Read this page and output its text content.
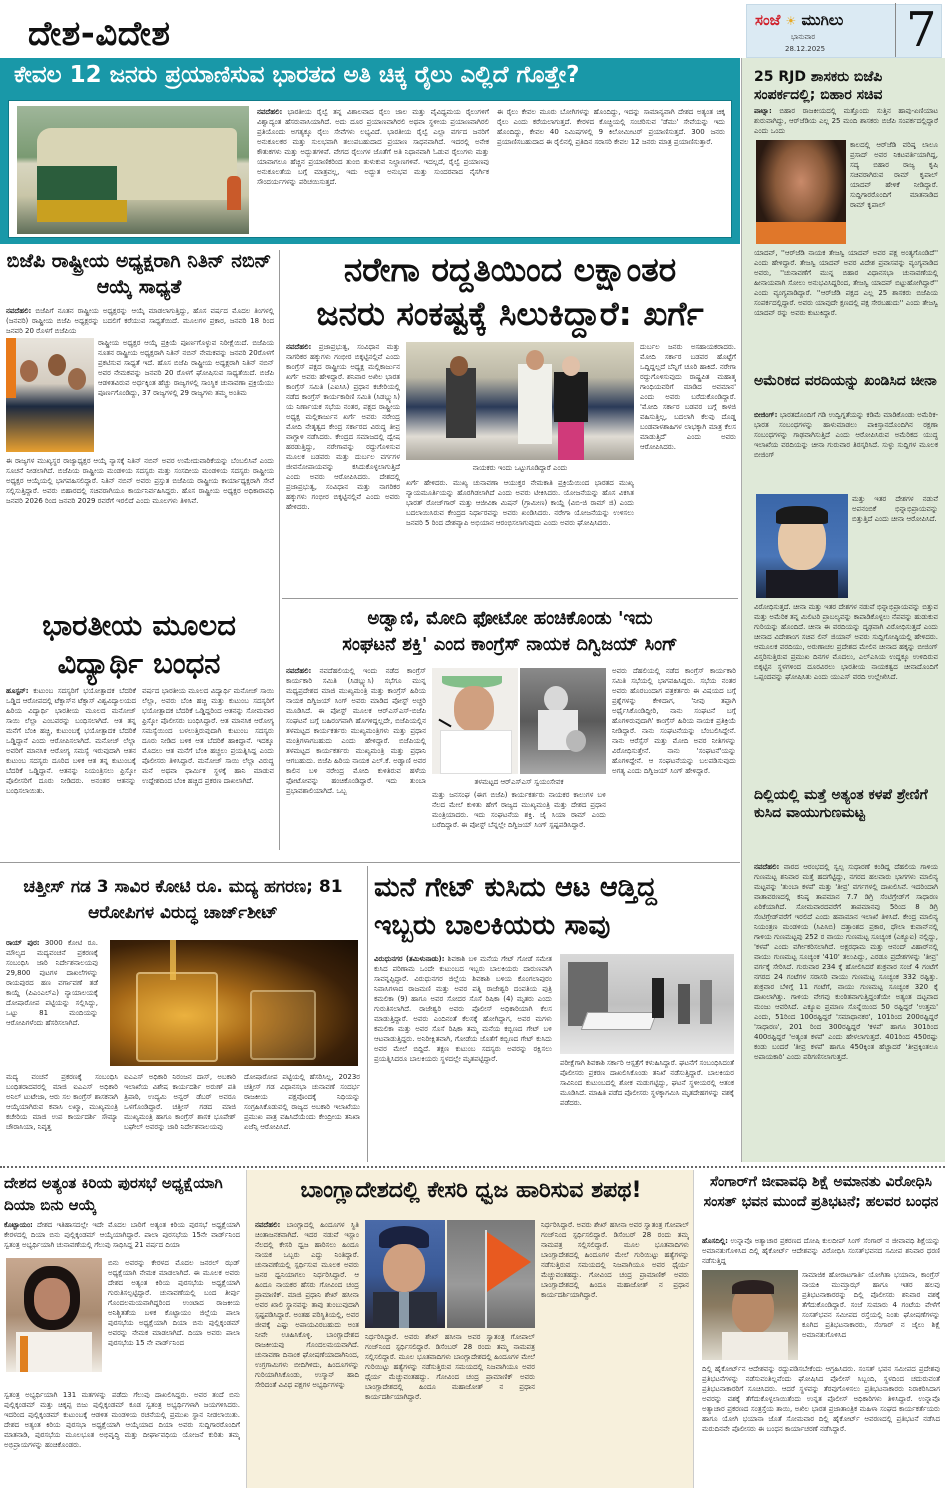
ದೇಶ-ವಿದೇಶ	ಸಂಜೆ ☀ ಮುಗಿಲು
ಭಾನುವಾರ
28.12.2025 7
ಕೇವಲ 12 ಜನರು ಪ್ರಯಾಣಿಸುವ ಭಾರತದ ಅತಿ ಚಿಕ್ಕ ರೈಲು ಎಲ್ಲಿದೆ ಗೊತ್ತೇ?
ನವದೆಹಲಿ: ಭಾರತೀಯ ರೈಲ್ವೆ ತನ್ನ ವಿಶಾಲವಾದ ರೈಲು ಜಾಲ ಮತ್ತು ವೈವಿಧ್ಯಮಯ ರೈಲುಗಳಿಗೆ ವಿಶ್ವಾದ್ಯಂತ ಹೆಸರುವಾಸಿಯಾಗಿದೆ. ಅದು ದೂರ ಪ್ರಯಾಣವಾಗಿರಲಿ ಅಥವಾ ಸ್ಥಳೀಯ ಪ್ರಯಾಣವಾಗಿರಲಿ ಪ್ರತಿಯೊಂದು ಅಗತ್ಯಕ್ಕೂ ರೈಲು ಸೇವೆಗಳು ಲಭ್ಯವಿದೆ. ಭಾರತೀಯ ರೈಲ್ವೆ ಎಲ್ಲಾ ವರ್ಗದ ಜನರಿಗೆ ಅನುಕೂಲಕರ ಮತ್ತು ಸುಲಭವಾಗಿ ತಲುಪಬಹುದಾದ ಪ್ರಯಾಣ ಸಾಧನವಾಗಿದೆ. ಇದರಲ್ಲಿ ಅನೇಕ ಕೌತುಕಗಳು ಮತ್ತು ಅದ್ಭುತಗಳಿವೆ. ವೇಗದ ರೈಲುಗಳ ಜೊತೆಗೆ ಅತಿ ನಿಧಾನವಾಗಿ ಓಡುವ ರೈಲುಗಳು ಮತ್ತು ಯಾವಾಗಲೂ ಹೆಚ್ಚಿನ ಪ್ರಯಾಣಿಕರಿಂದ ತುಂಬಿ ತುಳುಕುವ ನಿಲ್ದಾಣಗಳಿವೆ. ಇದಲ್ಲದೆ, ರೈಲ್ವೆ ಪ್ರಯಾಣವು ಅನುಕೂಲತೆಯ ಬಗ್ಗೆ ಮಾತ್ರವಲ್ಲ, ಇದು ಅದ್ಭುತ ಅನುಭವ ಮತ್ತು ಸುಂದರವಾದ ನೈಸರ್ಗಿಕ ಸೌಂದರ್ಯಗಳನ್ನು ಪರಿಚಯಿಸುತ್ತದೆ.
ಈ ರೈಲು ಕೇವಲ ಮೂರು ಬೋಗಿಗಳನ್ನು ಹೊಂದಿದ್ದು, ಇದನ್ನು ಸಾಮಾನ್ಯವಾಗಿ ದೇಶದ ಅತ್ಯಂತ ಚಿಕ್ಕ ರೈಲು ಎಂದು ಕರೆಯಲಾಗುತ್ತದೆ. ಕೇರಳದ ಕೊಚ್ಚಿಯಲ್ಲಿ ಸಂಚರಿಸುವ 'ಡೆಮು' ಸೇವೆಯನ್ನು ಇದು ಹೊಂದಿದ್ದು, ಕೇವಲ 40 ನಿಮಿಷಗಳಲ್ಲಿ 9 ಕಿಲೋಮೀಟರ್ ಪ್ರಯಾಣಿಸುತ್ತದೆ. 300 ಜನರು ಪ್ರಯಾಣಿಸಬಹುದಾದ ಈ ರೈಲಿನಲ್ಲಿ ಪ್ರತಿದಿನ ಸರಾಸರಿ ಕೇವಲ 12 ಜನರು ಮಾತ್ರ ಪ್ರಯಾಣಿಸುತ್ತಾರೆ.
25 RJD ಶಾಸಕರು ಬಿಜೆಪಿ ಸಂಪರ್ಕದಲ್ಲಿ; ಬಿಹಾರ ಸಚಿವ
ಪಾಟ್ನಾ: ಬಿಹಾರ ರಾಜಕೀಯದಲ್ಲಿ ಮತ್ತೊಂದು ಸುತ್ತಿನ ಹಾವು-ಏಣಿಯಾಟ ಶುರುವಾಗಿದ್ದು, ಆರ್‌ಜೆಡಿಯ ಎಲ್ಲ 25 ಮಂದಿ ಶಾಸಕರು ಬಿಜೆಪಿ ಸಂಪರ್ಕದಲ್ಲಿದ್ದಾರೆ ಎಂದು ಒಂದು
ಕಾಲದಲ್ಲಿ ಆರ್‌ಜೆಡಿ ವರಿಷ್ಠ ಲಾಲೂ ಪ್ರಸಾದ್ ಅವರ ನಿಕಟವರ್ತಿಯಾಗಿದ್ದ, ಸದ್ಯ ಬಿಹಾರ ರಾಜ್ಯ ಕೃಷಿ ಸಚಿವರಾಗಿರುವ ರಾಮ್ ಕೃಪಾಲ್ ಯಾದವ್ ಹೇಳಿಕೆ ನೀಡಿದ್ದಾರೆ. ಸುದ್ದಿಗಾರರೊಂದಿಗೆ ಮಾತನಾಡಿದ ರಾಮ್ ಕೃಪಾಲ್
ಯಾದವ್, ''ಆರ್‌ಜೆಡಿ ನಾಯಕ ತೇಜಸ್ವಿ ಯಾದವ್ ಅವರ ಪಕ್ಷ ಅಂತ್ಯಗೊಂಡಿದೆ'' ಎಂದು ಹೇಳಿದ್ದಾರೆ. ತೇಜಸ್ವಿ ಯಾದವ್ ಅವರ ವಿದೇಶ ಪ್ರವಾಸವನ್ನು ವ್ಯಂಗ್ಯವಾಡಿದ ಅವರು, ''ಚುನಾವಣೆಗೆ ಮುನ್ನ ಬಿಹಾರ ವಿಧಾನಸಭಾ ಚುನಾವಣೆಯಲ್ಲಿ ಹೀನಾಯವಾಗಿ ಸೋಲು ಅನುಭವಿಸಿದ್ದರಿಂದ, ತೇಜಸ್ವಿ ಯಾದವ್ ಬಿಟ್ಟುಹೋಗಿದ್ದಾರೆ'' ಎಂದು ವ್ಯಂಗ್ಯವಾಡಿದ್ದಾರೆ. ''ಆರ್‌ಜೆಡಿ ಪಕ್ಷದ ಎಲ್ಲ 25 ಶಾಸಕರು ಬಿಜೆಪಿಯ ಸಂಪರ್ಕದಲ್ಲಿದ್ದಾರೆ. ಅವರು ಯಾವುದೇ ಕ್ಷಣದಲ್ಲಿ ಪಕ್ಷ ಸೇರಬಹುದು'' ಎಂದು ತೇಜಸ್ವಿ ಯಾದವ್ ರನ್ನು ಅವರು ಕುಟುಕಿದ್ದಾರೆ.
ಅಮೆರಿಕದ ವರದಿಯನ್ನು ಖಂಡಿಸಿದ ಚೀನಾ
ಬೀಜಿಂಗ್: ಭಾರತದೊಂದಿಗೆ ಗಡಿ ಉದ್ವಿಗ್ನತೆಯನ್ನು ಕಡಿಮೆ ಮಾಡಿಕೊಂಡು ಅಮೆರಿಕ-ಭಾರತ ಸಂಬಂಧಗಳನ್ನು ಹಾಳುಮಾಡಲು ಪಾಕಿಸ್ತಾನದೊಂದಿಗಿನ ರಕ್ಷಣಾ ಸಂಬಂಧಗಳನ್ನು ಗಾಢವಾಗಿಸುತ್ತಿದೆ ಎಂದು ಆರೋಪಿಸಿರುವ ಅಮೆರಿಕದ ಯುದ್ಧ ಇಲಾಖೆಯ ವರದಿಯನ್ನು ಚೀನಾ ಗುರುವಾರ ತಿರಸ್ಕರಿಸಿದೆ. ಸುಳ್ಳು ಸುದ್ದಿಗಳ ಮೂಲಕ ಬೀಜಿಂಗ್
ಮತ್ತು ಇತರ ದೇಶಗಳ ನಡುವೆ ಅಪನಂಬಿಕೆ ಭಿನ್ನಾಭಿಪ್ರಾಯವನ್ನು ಬಿತ್ತುತ್ತಿದೆ ಎಂದು ಚೀನಾ ಆರೋಪಿಸಿದೆ.
ವಿರೋಧಿಸುತ್ತದೆ. ಚೀನಾ ಮತ್ತು ಇತರ ದೇಶಗಳ ನಡುವೆ ಭಿನ್ನಾಭಿಪ್ರಾಯವನ್ನು ಬಿತ್ತುವ ಮತ್ತು ಅಮೆರಿಕ ತನ್ನ ಮಿಲಿಟರಿ ಪ್ರಾಬಲ್ಯವನ್ನು ಕಾಪಾಡಿಕೊಳ್ಳಲು ನೆಪವನ್ನು ಹುಡುಕುವ ಗುರಿಯನ್ನು ಹೊಂದಿದೆ. ಚೀನಾ ಈ ವರದಿಯನ್ನು ದೃಢವಾಗಿ ವಿರೋಧಿಸುತ್ತದೆ ಎಂದು ಚೀನಾದ ವಿದೇಶಾಂಗ ಸಚಿವ ಲಿನ್ ಜಿಯಾನ್ ಅವರು ಸುದ್ದಿಗೋಷ್ಠಿಯಲ್ಲಿ ಹೇಳಿದರು. ಆಮೂಲಕ ವರದಿಯು, ಅರುಣಾಚಲ ಪ್ರದೇಶದ ಮೇಲಿನ ಚೀನಾದ ಹಕ್ಕನ್ನು ಬೀಜಿಂಗ್ ವಿಸ್ತರಿಸುತ್ತಿರುವ ಪ್ರಮುಖ ದಿನಗಳ ಮೊದಲು, ಎಲ್‌ಎಸಿಯ ಉದ್ದಕ್ಕೂ ಉಳಿದಿರುವ ಬಿಕ್ಕಟ್ಟಿನ ಸ್ಥಳಗಳಿಂದ ದೂರವಿರಲು ಭಾರತೀಯ ನಾಯಕತ್ವದ ಚೀನಾದೊಂದಿಗೆ ಒಪ್ಪಂದವನ್ನು ಘೋಷಿಸಿತು ಎಂದು ಯುಎಸ್ ವರದಿ ಉಲ್ಲೇಖಿಸಿದೆ.
ದಿಲ್ಲಿಯಲ್ಲಿ ಮತ್ತೆ ಅತ್ಯಂತ ಕಳಪೆ ಶ್ರೇಣಿಗೆ ಕುಸಿದ ವಾಯುಗುಣಮಟ್ಟ
ನವದೆಹಲಿ: ವಾರದ ಆರಂಭದಲ್ಲಿ ಸ್ವಲ್ಪ ಸುಧಾರಣೆ ಕಂಡಿದ್ದ ದೆಹಲಿಯ ಗಾಳಿಯ ಗುಣಮಟ್ಟ ಶನಿವಾರ ಮತ್ತೆ ಹದಗೆಟ್ಟಿದ್ದು, ನಗರದ ಹಲವಾರು ಭಾಗಗಳು ಮಾಲಿನ್ಯ ಮಟ್ಟವನ್ನು 'ತುಂಬಾ ಕಳಪೆ' ಮತ್ತು 'ತೀವ್ರ' ವರ್ಗಗಳಲ್ಲಿ ದಾಖಲಿಸಿವೆ. ಇದರಿಂದಾಗಿ ವಾತಾವರಣದಲ್ಲಿ ಕನಿಷ್ಠ ತಾಪಮಾನ 7.7 ಡಿಗ್ರಿ ಸೆಂಟಿಗ್ರೇಡ್‌ಗೆ ಸಾಧಾರಣ ಏರಿಕೆಯಾಗಿದೆ. ಸೋಮವಾರದವರೆಗೆ ತಾಪಮಾನವು 5ರಿಂದ 8 ಡಿಗ್ರಿ ಸೆಂಟಿಗ್ರೇಡ್‌ವರೆಗೆ ಇರಲಿದೆ ಎಂದು ಹವಾಮಾನ ಇಲಾಖೆ ತಿಳಿಸಿದೆ. ಕೇಂದ್ರ ಮಾಲಿನ್ಯ ನಿಯಂತ್ರಣ ಮಂಡಳಿಯ (ಸಿಪಿಸಿಬಿ) ದತ್ತಾಂಶದ ಪ್ರಕಾರ, ಧೌಲಾ ಕುವಾನ್‌ನಲ್ಲಿ ಗಾಳಿಯ ಗುಣಮಟ್ಟವು 252 ರ ವಾಯು ಗುಣಮಟ್ಟ ಸೂಚ್ಯಂಕ (ಎಕ್ಯೂಐ) ನಲ್ಲಿದ್ದು, 'ಕಳಪೆ' ಎಂದು ವರ್ಗೀಕರಿಸಲಾಗಿದೆ. ಅಕ್ಷರಧಾಮ ಮತ್ತು ಆನಂದ್ ವಿಹಾರ್‌ನಲ್ಲಿ ವಾಯು ಗುಣಮಟ್ಟ ಸೂಚ್ಯಂಕ '410' ತಲುಪಿದ್ದು, ಎರಡೂ ಪ್ರದೇಶಗಳನ್ನು 'ತೀವ್ರ' ವರ್ಗಕ್ಕೆ ಸೇರಿಸಿದೆ. ಗುರುವಾರ 234 ಕ್ಕೆ ಹೋಲಿಸಿದರೆ ಶುಕ್ರವಾರ ಸಂಜೆ 4 ಗಂಟೆಗೆ ನಗರದ 24 ಗಂಟೆಗಳ ಸರಾಸರಿ ವಾಯು ಗುಣಮಟ್ಟ ಸೂಚ್ಯಂಕ 332 ರಷ್ಟಿತ್ತು. ಶುಕ್ರವಾರ ಬೆಳಿಗ್ಗೆ 11 ಗಂಟೆಗೆ, ವಾಯು ಗುಣಮಟ್ಟ ಸೂಚ್ಯಂಕ 320 ಕ್ಕೆ ದಾಖಲಾಗಿತ್ತು. ಗಾಳಿಯ ವೇಗವು ಕುಂಠಿತವಾಗುತ್ತಿದ್ದಂತೆಯೇ ಅತ್ಯಂತ ದಟ್ಟವಾದ ಮಂಜು ಆವರಿಸಿದೆ. ಎಕ್ಯೂಐ ಪ್ರಮಾಣ ಸೊನ್ನೆಯಿಂದ 50 ರಷ್ಟಿದ್ದರೆ 'ಉತ್ತಮ' ಎಂದು, 51ರಿಂದ 100ರಷ್ಟಿದ್ದರೆ 'ಸಮಾಧಾನಕರ', 101ರಿಂದ 200ರಷ್ಟಿದ್ದರೆ 'ಸಾಧಾರಣ', 201 ರಿಂದ 300ರಷ್ಟಿದ್ದರೆ 'ಕಳಪೆ' ಹಾಗೂ 301ರಿಂದ 400ರಷ್ಟಿದ್ದರೆ 'ಅತ್ಯಂತ ಕಳಪೆ' ಎಂದು ಹೇಳಲಾಗುತ್ತದೆ. 401ರಿಂದ 450ರಷ್ಟು ಕಂಡು ಬಂದರೆ 'ತೀವ್ರ ಕಳಪೆ' ಹಾಗೂ 450ಕ್ಕಿಂತ ಹೆಚ್ಚಾದರೆ 'ತೀವ್ರಕ್ಕಿಂತಲೂ ಅಪಾಯಕಾರಿ' ಎಂದು ಪರಿಗಣಿಸಲಾಗುತ್ತದೆ.
ಬಿಜೆಪಿ ರಾಷ್ಟ್ರೀಯ ಅಧ್ಯಕ್ಷರಾಗಿ ನಿತಿನ್ ನಬಿನ್ ಆಯ್ಕೆ ಸಾಧ್ಯತೆ
ನವದೆಹಲಿ: ಬಿಜೆಪಿಗೆ ನೂತನ ರಾಷ್ಟ್ರೀಯ ಅಧ್ಯಕ್ಷರನ್ನು ಆಯ್ಕೆ ಮಾಡಲಾಗುತ್ತಿದ್ದು, ಹೊಸ ವರ್ಷದ ಮೊದಲ ತಿಂಗಳಲ್ಲಿ (ಜನವರಿ) ರಾಷ್ಟ್ರೀಯ ಬಿಜೆಪಿ ಅಧ್ಯಕ್ಷರನ್ನು ಬದಲಿಗೆ ಕರೆಯುವ ಸಾಧ್ಯತೆಯಿದೆ. ಮೂಲಗಳ ಪ್ರಕಾರ, ಜನವರಿ 18 ರಿಂದ ಜನವರಿ 20 ರೊಳಗೆ ಬಿಜೆಪಿಯ
ರಾಷ್ಟ್ರೀಯ ಅಧ್ಯಕ್ಷರ ಆಯ್ಕೆ ಪ್ರಕ್ರಿಯೆ ಪೂರ್ಣಗೊಳ್ಳುವ ನಿರೀಕ್ಷೆಯಿದೆ. ಬಿಜೆಪಿಯ ನೂತನ ರಾಷ್ಟ್ರೀಯ ಅಧ್ಯಕ್ಷರಾಗಿ ನಿತಿನ್ ನಬಿನ್ ನೇಮಕವನ್ನು ಜನವರಿ 20ರೊಳಗೆ ಪ್ರಕಟಿಸುವ ಸಾಧ್ಯತೆ ಇದೆ. ಹೊಸ ಬಿಜೆಪಿ ರಾಷ್ಟ್ರೀಯ ಅಧ್ಯಕ್ಷರಾಗಿ ನಿತಿನ್ ನಬಿನ್ ಅವರ ನೇಮಕವನ್ನು ಜನವರಿ 20 ರೊಳಗೆ ಘೋಷಿಸುವ ಸಾಧ್ಯತೆಯಿದೆ. ಬಿಜೆಪಿ ಆಡಳಿತವಿರುವ ಅರ್ಧಕ್ಕಿಂತ ಹೆಚ್ಚು ರಾಜ್ಯಗಳಲ್ಲಿ ಸಾಂಸ್ಥಿಕ ಚುನಾವಣಾ ಪ್ರಕ್ರಿಯೆಯು ಪೂರ್ಣಗೊಂಡಿದ್ದು, 37 ರಾಜ್ಯಗಳಲ್ಲಿ 29 ರಾಜ್ಯಗಳು ತಮ್ಮ ಅಂತಿಮ
ಈ ರಾಜ್ಯಗಳ ಮುಖ್ಯಸ್ಥರ ರಾಜ್ಯಾಧ್ಯಕ್ಷರ ಆಯ್ಕೆ ನ್ಯಾಸಕ್ಕೆ ನಿತಿನ್ ನಬಿನ್ ಅವರ ಉಮೇದುವಾರಿಕೆಯನ್ನು ಬೆಂಬಲಿಸಿವೆ ಎಂದು ಸೂಚನೆ ನೀಡಲಾಗಿದೆ. ಬಿಜೆಪಿಯ ರಾಷ್ಟ್ರೀಯ ಮಂಡಳಿಯ ಸದಸ್ಯರು ಮತ್ತು ಸಂಸದೀಯ ಮಂಡಳಿಯ ಸದಸ್ಯರು ರಾಷ್ಟ್ರೀಯ ಅಧ್ಯಕ್ಷರ ಆಯ್ಕೆಯಲ್ಲಿ ಭಾಗವಹಿಸಲಿದ್ದಾರೆ. ನಿತಿನ್ ನಬಿನ್ ಅವರು ಪ್ರಸ್ತುತ ಬಿಜೆಪಿಯ ರಾಷ್ಟ್ರೀಯ ಕಾರ್ಯಾಧ್ಯಕ್ಷರಾಗಿ ಸೇವೆ ಸಲ್ಲಿಸುತ್ತಿದ್ದಾರೆ. ಅವರು ಬಿಹಾರದಲ್ಲಿ ಸಚಿವರಾಗಿಯೂ ಕಾರ್ಯನಿರ್ವಹಿಸಿದ್ದರು. ಹೊಸ ರಾಷ್ಟ್ರೀಯ ಅಧ್ಯಕ್ಷರ ಅಧಿಕಾರಾವಧಿ ಜನವರಿ 2026 ರಿಂದ ಜನವರಿ 2029 ರವರೆಗೆ ಇರಲಿದೆ ಎಂದು ಮೂಲಗಳು ತಿಳಿಸಿವೆ.
ನರೇಗಾ ರದ್ದತಿಯಿಂದ ಲಕ್ಷಾಂತರ
ಜನರು ಸಂಕಷ್ಟಕ್ಕೆ ಸಿಲುಕಿದ್ದಾರೆ: ಖರ್ಗೆ
ನವದೆಹಲಿ: ಪ್ರಜಾಪ್ರಭುತ್ವ, ಸಂವಿಧಾನ ಮತ್ತು ನಾಗರಿಕರ ಹಕ್ಕುಗಳು ಗಂಭೀರ ಬಿಕ್ಕಟ್ಟಿನಲ್ಲಿವೆ ಎಂದು ಕಾಂಗ್ರೆಸ್ ಪಕ್ಷದ ರಾಷ್ಟ್ರೀಯ ಅಧ್ಯಕ್ಷ ಮಲ್ಲಿಕಾರ್ಜುನ ಖರ್ಗೆ ಅವರು ಹೇಳಿದ್ದಾರೆ. ಶನಿವಾರ ಅಖಿಲ ಭಾರತ ಕಾಂಗ್ರೆಸ್ ಸಮಿತಿ (ಎಐಸಿಸಿ) ಪ್ರಧಾನ ಕಚೇರಿಯಲ್ಲಿ ನಡೆದ ಕಾಂಗ್ರೆಸ್ ಕಾರ್ಯಕಾರಿಣಿ ಸಮಿತಿ (ಸಿಡಬ್ಲ್ಯುಸಿ) ಯ ನಿರ್ಣಾಯಕ ಸಭೆಯ ನಂತರ, ಪಕ್ಷದ ರಾಷ್ಟ್ರೀಯ ಅಧ್ಯಕ್ಷ ಮಲ್ಲಿಕಾರ್ಜುನ ಖರ್ಗೆ ಅವರು ನರೇಂದ್ರ ಮೋದಿ ನೇತೃತ್ವದ ಕೇಂದ್ರ ಸರ್ಕಾರದ ವಿರುದ್ಧ ತೀವ್ರ ವಾಗ್ದಾಳಿ ನಡೆಸಿದರು. ಕೇಂದ್ರದ ಸಮಾಜದಲ್ಲಿ ದ್ವೇಷ ಹರಡುತ್ತಿದ್ದು, ನರೇಗಾವನ್ನು ರದ್ದುಗೊಳಿಸುವ ಮೂಲಕ ಬಡವರು ಮತ್ತು ದುರ್ಬಲ ವರ್ಗಗಳ ಜೀವನೋಪಾಯವನ್ನು ಕಸಿದುಕೊಳ್ಳಲಾಗುತ್ತಿದೆ ಎಂದು ಅವರು ಆರೋಪಿಸಿದರು. ದೇಶದಲ್ಲಿ ಪ್ರಜಾಪ್ರಭುತ್ವ, ಸಂವಿಧಾನ ಮತ್ತು ನಾಗರಿಕರ ಹಕ್ಕುಗಳು ಗಂಭೀರ ಬಿಕ್ಕಟ್ಟಿನಲ್ಲಿವೆ ಎಂದು ಅವರು ಹೇಳಿದರು.
ನಾಯಕರು ಇಂದು ಒಟ್ಟುಗೂಡಿದ್ದಾರೆ ಎಂದು
ಖರ್ಗೆ ಹೇಳಿದರು. ಮುಖ್ಯ ಚುನಾವಣಾ ಆಯುಕ್ತರ ನೇಮಕಾತಿ ಪ್ರಕ್ರಿಯೆಯಿಂದ ಭಾರತದ ಮುಖ್ಯ ನ್ಯಾಯಮೂರ್ತಿಯನ್ನು ಹೊರಗಿಡಲಾಗಿದೆ ಎಂದು ಅವರು ಟೀಕಿಸಿದರು. ಯೋಜನೆಯನ್ನು ಹೊಸ ವಿಕಸಿತ ಭಾರತ್ ರೋಜ್‌ಗಾರ್ ಮತ್ತು ಆಜೀವಿಕಾ ಮಿಷನ್ (ಗ್ರಾಮೀಣ) ಕಾಯ್ದೆ (ವಿಬಿ-ಜಿ ರಾಮ್ ಜಿ) ಎಂದು ಬದಲಾಯಿಸಿರುವ ಕೇಂದ್ರದ ನಿರ್ಧಾರವನ್ನು ಅವರು ಖಂಡಿಸಿದರು. ನರೇಗಾ ಯೋಜನೆಯನ್ನು ಉಳಿಸಲು ಜನವರಿ 5 ರಿಂದ ದೇಶವ್ಯಾಪಿ ಅಭಿಯಾನ ಆರಂಭಿಸಲಾಗುವುದು ಎಂದು ಅವರು ಘೋಷಿಸಿದರು.
ದುರ್ಬಲ ಜನರು ಅಸಹಾಯಕರಾದರು. ಮೋದಿ ಸರ್ಕಾರ ಬಡವರ ಹೊಟ್ಟೆಗೆ ಒದ್ದಿದ್ದಲ್ಲದೆ ಬೆನ್ನಿಗೆ ಚೂರಿ ಹಾಕಿದೆ. ನರೇಗಾ ರದ್ದುಗೊಳಿಸುವುದು ರಾಷ್ಟ್ರಪಿತ ಮಹಾತ್ಮ ಗಾಂಧಿಯವರಿಗೆ ಮಾಡಿದ ಅವಮಾನ' ಎಂದು ಅವರು ಬರೆದುಕೊಂಡಿದ್ದಾರೆ. 'ಮೋದಿ ಸರ್ಕಾರ ಬಡವರ ಬಗ್ಗೆ ಕಾಳಜಿ ವಹಿಸುತ್ತಿಲ್ಲ, ಬದಲಾಗಿ ಕೆಲವು ದೊಡ್ಡ ಬಂಡವಾಳಶಾಹಿಗಳ ಲಾಭಕ್ಕಾಗಿ ಮಾತ್ರ ಕೆಲಸ ಮಾಡುತ್ತಿದೆ' ಎಂದು ಅವರು ಆರೋಪಿಸಿದರು.
ಭಾರತೀಯ ಮೂಲದ ವಿದ್ಯಾರ್ಥಿ ಬಂಧನ
ಹೂಸ್ಟನ್: ಕುಟುಂಬ ಸದಸ್ಯರಿಗೆ ಭಯೋತ್ಪಾದಕ ಬೆದರಿಕೆ ಒಡ್ಡಿದ ಆರೋಪದಲ್ಲಿ ಟೆಕ್ಸಾಸ್‌ನ ಟೆಕ್ಸಾಸ್ ವಿಶ್ವವಿದ್ಯಾಲಯದ ಹಿರಿಯ ವಿದ್ಯಾರ್ಥಿ ಭಾರತೀಯ ಮೂಲದ ಮನೋಜ್ ಸಾಯಿ ಲೆಲ್ಲಾ ಎಂಬವರನ್ನು ಬಂಧಿಸಲಾಗಿದೆ. ಆತ ತನ್ನ ಮನೆಗೆ ಬೆಂಕಿ ಹಚ್ಚಿ, ಕುಟುಂಬಕ್ಕೆ ಭಯೋತ್ಪಾದಕ ಬೆದರಿಕೆ ಒಡ್ಡಿದ್ದಾನೆ ಎಂದು ಆರೋಪಿಸಲಾಗಿದೆ. ಮನೋಜ್ ಲೆಲ್ಲಾ ಅವರಿಗೆ ಮಾನಸಿಕ ಆರೋಗ್ಯ ಸಮಸ್ಯೆ ಇರುವುದಾಗಿ ಆತನ ಕುಟುಂಬ ಸದಸ್ಯರು ದೂರಿದ ಬಳಿಕ ಆತ ತನ್ನ ಕುಟುಂಬಕ್ಕೆ ಬೆದರಿಕೆ ಒಡ್ಡಿದ್ದಾನೆ. ಆತನನ್ನು ನಿಯಂತ್ರಿಸಲು ಫ್ರಿಸ್ಕೋ ಪೊಲೀಸರಿಗೆ ದೂರು ನೀಡಿದರು. ಅನಂತರ ಆತನನ್ನು ಬಂಧಿಸಲಾಯಿತು.
ವರ್ಷದ ಭಾರತೀಯ ಮೂಲದ ವಿದ್ಯಾರ್ಥಿ ಮನೋಜ್ ಸಾಯಿ ಲೆಲ್ಲಾ, ಅವರು ಬೆಂಕಿ ಹಚ್ಚಿ ಮತ್ತು ಕುಟುಂಬ ಸದಸ್ಯರಿಗೆ ಭಯೋತ್ಪಾದಕ ಬೆದರಿಕೆ ಒಡ್ಡಿದ್ದರಿಂದ ಆತನನ್ನು ಸೋಮವಾರ ಫ್ರಿಸ್ಕೋ ಪೊಲೀಸರು ಬಂಧಿಸಿದ್ದಾರೆ. ಆತ ಮಾನಸಿಕ ಆರೋಗ್ಯ ಸಮಸ್ಯೆಯಿಂದ ಬಳಲುತ್ತಿರುವುದಾಗಿ ಕುಟುಂಬ ಸದಸ್ಯರು ದೂರು ನೀಡಿದ ಬಳಿಕ ಆತ ಬೆದರಿಕೆ ಹಾಕಿದ್ದಾನೆ. ಇದಕ್ಕೂ ಮೊದಲು ಆತ ಮನೆಗೆ ಬೆಂಕಿ ಹಚ್ಚಲು ಪ್ರಯತ್ನಿಸಿದ್ದ ಎಂದು ಪೊಲೀಸರು ತಿಳಿಸಿದ್ದಾರೆ. ಮನೋಜ್ ಸಾಯಿ ಲೆಲ್ಲಾ ವಿರುದ್ಧ ಮನೆ ಅಥವಾ ಧಾರ್ಮಿಕ ಸ್ಥಳಕ್ಕೆ ಹಾನಿ ಮಾಡುವ ಉದ್ದೇಶದಿಂದ ಬೆಂಕಿ ಹಚ್ಚಿದ ಪ್ರಕರಣ ದಾಖಲಾಗಿದೆ.
ಅಡ್ವಾಣಿ, ಮೋದಿ ಫೋಟೋ ಹಂಚಿಕೊಂಡು 'ಇದು
ಸಂಘಟನೆ ಶಕ್ತಿ' ಎಂದ ಕಾಂಗ್ರೆಸ್ ನಾಯಕ ದಿಗ್ವಿಜಯ್ ಸಿಂಗ್
ನವದೆಹಲಿ: ನವದೆಹಲಿಯಲ್ಲಿ ಇಂದು ನಡೆದ ಕಾಂಗ್ರೆಸ್ ಕಾರ್ಯಕಾರಿ ಸಮಿತಿ (ಸಿಡಬ್ಲ್ಯುಸಿ) ಸಭೆಗೂ ಮುನ್ನ ಮಧ್ಯಪ್ರದೇಶದ ಮಾಜಿ ಮುಖ್ಯಮಂತ್ರಿ ಮತ್ತು ಕಾಂಗ್ರೆಸ್ ಹಿರಿಯ ನಾಯಕ ದಿಗ್ವಿಜಯ್ ಸಿಂಗ್ ಅವರು ಮಾಡಿದ ಪೋಸ್ಟ್ ಅಚ್ಚರಿ ಮೂಡಿಸಿದೆ. ಈ ಪೋಸ್ಟ್ ಮೂಲಕ ಆರ್‌ಎಸ್‌ಎಸ್-ಬಿಜೆಪಿ ಸಂಘಟನೆ ಬಗ್ಗೆ ಬಹಿರಂಗವಾಗಿ ಹೊಗಳಿದ್ದಲ್ಲದೇ, ಬಿಜೆಪಿಯಲ್ಲಿನ ತಳಮಟ್ಟದ ಕಾರ್ಯಕರ್ತರು ಮುಖ್ಯಮಂತ್ರಿಗಳು ಮತ್ತು ಪ್ರಧಾನ ಮಂತ್ರಿಗಳಾಗಬಹುದು ಎಂದು ಹೇಳಿದ್ದಾರೆ. ಬಿಜೆಪಿಯಲ್ಲಿ ತಳಮಟ್ಟದ ಕಾರ್ಯಕರ್ತರು ಮುಖ್ಯಮಂತ್ರಿ ಮತ್ತು ಪ್ರಧಾನಿ ಆಗಬಹುದು. ಬಿಜೆಪಿ ಹಿರಿಯ ನಾಯಕ ಎಲ್.ಕೆ. ಅಡ್ವಾಣಿ ಅವರ ಕಾಲಿನ ಬಳಿ ನರೇಂದ್ರ ಮೋದಿ ಕುಳಿತಿರುವ ಹಳೆಯ ಫೋಟೋವನ್ನು ಹಂಚಿಕೊಂಡಿದ್ದಾರೆ. ಇದು ತುಂಬಾ ಪ್ರಭಾವಶಾಲಿಯಾಗಿದೆ. ಒಬ್ಬ
ತಳಮಟ್ಟದ ಆರ್‌ಎಸ್‌ಎಸ್ ಸ್ವಯಂಸೇವಕ
ಮತ್ತು ಜನಸಂಘ (ಈಗ ಬಿಜೆಪಿ) ಕಾರ್ಯಕರ್ತರು ನಾಯಕರ ಕಾಲುಗಳ ಬಳಿ ನೆಲದ ಮೇಲೆ ಕುಳಿತು ಹೇಗೆ ರಾಜ್ಯದ ಮುಖ್ಯಮಂತ್ರಿ ಮತ್ತು ದೇಶದ ಪ್ರಧಾನ ಮಂತ್ರಿಯಾದರು. ಇದು ಸಂಘಟನೆಯ ಶಕ್ತಿ. ಜೈ ಸಿಯಾ ರಾಮ್ ಎಂದು ಬರೆದಿದ್ದಾರೆ. ಈ ಪೋಸ್ಟ್ ಬೆನ್ನಲ್ಲೇ ದಿಗ್ವಿಜಯ್ ಸಿಂಗ್ ಸ್ಪಷ್ಟಪಡಿಸಿದ್ದಾರೆ.
ಅವರು ದೆಹಲಿಯಲ್ಲಿ ನಡೆದ ಕಾಂಗ್ರೆಸ್ ಕಾರ್ಯಕಾರಿ ಸಮಿತಿ ಸಭೆಯಲ್ಲಿ ಭಾಗವಹಿಸಿದ್ದರು. ಸಭೆಯ ನಂತರ ಅವರು ಹೊರಬಂದಾಗ ಪತ್ರಕರ್ತರು ಈ ವಿಷಯದ ಬಗ್ಗೆ ಪ್ರಶ್ನೆಗಳನ್ನು ಕೇಳಿದಾಗ, 'ನೀವು ತಪ್ಪಾಗಿ ಅರ್ಥೈಸಿಕೊಂಡಿದ್ದೀರಿ, ನಾನು ಸಂಘಟನೆ ಬಗ್ಗೆ ಹೊಗಳಿರುವುದಾಗಿ' ಕಾಂಗ್ರೆಸ್ ಹಿರಿಯ ನಾಯಕ ಪ್ರತಿಕ್ರಿಯೆ ನೀಡಿದ್ದಾರೆ. ನಾನು ಸಂಘಟನೆಯನ್ನು ಬೆಂಬಲಿಸಿದ್ದೇನೆ. ನಾನು ಆರೆಸ್ಸೆಸ್ ಮತ್ತು ಮೋದಿ ಅವರ ನೀತಿಗಳನ್ನು ವಿರೋಧಿಸುತ್ತೇನೆ. ನಾನು 'ಸಂಘಟನೆ'ಯನ್ನು ಹೊಗಳಿದ್ದೇನೆ. ಆ ಸಂಘಟನೆಯನ್ನು ಬಲಪಡಿಸುವುದು ಅಗತ್ಯ ಎಂದು ದಿಗ್ವಿಜಯ್ ಸಿಂಗ್ ಹೇಳಿದ್ದಾರೆ.
ಚತ್ತೀಸ್ ಗಡ 3 ಸಾವಿರ ಕೋಟಿ ರೂ. ಮದ್ಯ ಹಗರಣ; 81 ಆರೋಪಿಗಳ ವಿರುದ್ಧ ಚಾರ್ಜ್‌ಶೀಟ್
ರಾಯ್ ಪುರ: 3000 ಕೋಟಿ ರೂ. ಮೌಲ್ಯದ ಮದ್ಯವಂಚನೆ ಪ್ರಕರಣಕ್ಕೆ ಸಂಬಂಧಿಸಿ ಜಾರಿ ನಿರ್ದೇಶನಾಲಯವು 29,800 ಪುಟಗಳ ದಾಖಲೆಗಳನ್ನು ರಾಯಪುರದ ಹಣ ವರ್ಗಾವಣೆ ತಡೆ ಕಾಯ್ದೆ (ಪಿಎಂಎಲ್ಎ) ನ್ಯಾಯಾಲಯಕ್ಕೆ ದೋಷಾರೋಪ ಪಟ್ಟಿಯನ್ನು ಸಲ್ಲಿಸಿದ್ದು, ಒಟ್ಟು 81 ಮಂದಿಯನ್ನು ಆರೋಪಿಗಳೆಂದು ಹೆಸರಿಸಲಾಗಿದೆ.
ಮದ್ಯ ವಂಚನೆ ಪ್ರಕರಣಕ್ಕೆ ಸಂಬಂಧಿಸಿ ಬಂಧಿತರಾದವರಲ್ಲಿ ಮಾಜಿ ಐಎಎಸ್ ಅಧಿಕಾರಿ ಅನಿಲ್ ಟುಟೇಜಾ, ಆರು ಸಲ ಕಾಂಗ್ರೆಸ್ ಶಾಸಕನಾಗಿ ಆಯ್ಕೆಯಾಗಿರುವ ಕವಾಸಿ ಲಖ್ಮಾ, ಮುಖ್ಯಮಂತ್ರಿ ಕಚೇರಿಯ ಮಾಜಿ ಉಪ ಕಾರ್ಯದರ್ಶಿ ಸೌಮ್ಯಾ ಚೌರಾಸಿಯಾ, ನಿವೃತ್ತ
ಐಎಎಸ್ ಅಧಿಕಾರಿ ನಿರಂಜನ ದಾಸ್, ಅಬಕಾರಿ ಇಲಾಖೆಯ ವಿಶೇಷ ಕಾರ್ಯದರ್ಶಿ ಅರುಣ್ ಪತಿ ತ್ರಿಪಾಠಿ, ಉದ್ಯಮಿ ಅನ್ವರ್ ಡೆಬರ್ ಅವರೂ ಒಳಗೊಂಡಿದ್ದಾರೆ. ಚತ್ತೀಸ್ ಗಡದ ಮಾಜಿ ಮುಖ್ಯಮಂತ್ರಿ ಹಾಗೂ ಕಾಂಗ್ರೆಸ್ ಶಾಸಕ ಭೂಪೇಶ್ ಬಘೇಲ್ ಅವರನ್ನು ಜಾರಿ ನಿರ್ದೇಶನಾಲಯವು
ದೋಷಾರೋಪ ಪಟ್ಟಿಯಲ್ಲಿ ಹೆಸರಿಸಿಲ್ಲ, 2023ರ ಚತ್ತೀಸ್ ಗಡ ವಿಧಾನಸಭಾ ಚುನಾವಣೆ ಸಂದರ್ಭ ರಾಜಕೀಯ ಪಕ್ಷವೊಂದಕ್ಕೆ ನಿಧಿಯನ್ನು ಸಂಗ್ರಹಿಸಿಕೊಡುವಲ್ಲಿ ರಾಜ್ಯದ ಅಬಕಾರಿ ಇಲಾಖೆಯು ಪ್ರಮುಖ ಪಾತ್ರ ವಹಿಸಿದೆಯೆಂದು ಕೇಂದ್ರೀಯ ತನಿಖಾ ಏಜೆನ್ಸಿ ಆರೋಪಿಸಿದೆ.
ಮನೆ ಗೇಟ್ ಕುಸಿದು ಆಟ ಆಡ್ತಿದ್ದ
ಇಬ್ಬರು ಬಾಲಕಿಯರು ಸಾವು
ವಿರುಧುನಗರ (ತಮಿಳುನಾಡು): ಶಿವಕಾಶಿ ಬಳಿ ಮನೆಯ ಗೇಟ್ ಗೋಡೆ ಸಮೇತ ಕುಸಿದ ಪರಿಣಾಮ ಒಂದೇ ಕುಟುಂಬದ ಇಬ್ಬರು ಬಾಲಕಿಯರು ದಾರುಣವಾಗಿ ಸಾವನ್ನಪ್ಪಿದ್ದಾರೆ. ವಿರುಧುನಗರ ಜಿಲ್ಲೆಯ ಶಿವಕಾಶಿ ಬಳಿಯ ಕೊಂಗಲಾಪುರಂ ನಿವಾಸಿಗಳಾದ ರಾಜಮಣಿ ಮತ್ತು ಅವರ ಪತ್ನಿ ರಾಜೇಶ್ವರಿ ದಂಪತಿಯ ಪುತ್ರಿ ಕಮಲಿಕಾ (9) ಹಾಗೂ ಅವರ ಸೋದರ ಸೊಸೆ ರಿಷಿಕಾ (4) ಮೃತರು ಎಂದು ಗುರುತಿಸಲಾಗಿದೆ. ರಾಜೇಶ್ವರಿ ಅವರು ಪೊಲೀಸ್ ಅಧಿಕಾರಿಯಾಗಿ ಕೆಲಸ ಮಾಡುತ್ತಿದ್ದಾರೆ. ಅವರು ಎಂದಿನಂತೆ ಕೆಲಸಕ್ಕೆ ಹೋಗಿದ್ದಾಗ, ಅವರ ಮಗಳು ಕಮಲಿಕಾ ಮತ್ತು ಅವರ ಸೊಸೆ ರಿಷಿಕಾ ತಮ್ಮ ಮನೆಯ ಕಬ್ಬಿಣದ ಗೇಟ್ ಬಳಿ ಆಟವಾಡುತ್ತಿದ್ದರು. ಅನಿರೀಕ್ಷಿತವಾಗಿ, ಗೋಡೆಯ ಜೊತೆಗೆ ಕಬ್ಬಿಣದ ಗೇಟ್ ಕುಸಿದು ಅವರ ಮೇಲೆ ಬಿದ್ದಿದೆ. ತಕ್ಷಣ ಕುಟುಂಬ ಸದಸ್ಯರು ಅವರನ್ನು ರಕ್ಷಿಸಲು ಪ್ರಯತ್ನಿಸಿದರೂ ಬಾಲಕಿಯರು ಸ್ಥಳದಲ್ಲೇ ಮೃತಪಟ್ಟಿದ್ದಾರೆ.	ಪರೀಕ್ಷೆಗಾಗಿ ಶಿವಕಾಶಿ ಸರ್ಕಾರಿ ಆಸ್ಪತ್ರೆಗೆ ಕಳುಹಿಸಿದ್ದಾರೆ. ಘಟನೆಗೆ ಸಂಬಂಧಿಸಿದಂತೆ ಪೊಲೀಸರು ಪ್ರಕರಣ ದಾಖಲಿಸಿಕೊಂಡು ತನಿಖೆ ನಡೆಸುತ್ತಿದ್ದಾರೆ. ಬಾಲಕಿಯರ ಸಾವಿನಿಂದ ಕುಟುಂಬದಲ್ಲಿ ಶೋಕ ಮಡುಗಟ್ಟಿದ್ದು, ಘಟನೆ ಸ್ಥಳೀಯರಲ್ಲಿ ಆತಂಕ ಮೂಡಿಸಿದೆ. ಮಾಹಿತಿ ಪಡೆದ ಪೊಲೀಸರು ಸ್ಥಳಕ್ಕಾಗಮಿಸಿ ಮೃತದೇಹಗಳನ್ನು ವಶಕ್ಕೆ ಪಡೆದರು.
ದೇಶದ ಅತ್ಯಂತ ಕಿರಿಯ ಪುರಸಭೆ ಅಧ್ಯಕ್ಷೆಯಾಗಿ ದಿಯಾ ಬಿನು ಆಯ್ಕೆ
ಕೊಟ್ಟಾಯಂ: ದೇಶದ ಇತಿಹಾಸದಲ್ಲೇ ಇದೇ ಮೊದಲ ಬಾರಿಗೆ ಅತ್ಯಂತ ಕಿರಿಯ ಪುರಸಭೆ ಅಧ್ಯಕ್ಷೆಯಾಗಿ ಕೇರಳದಲ್ಲಿ ದಿಯಾ ಬಿನು ಪುಲ್ಲಿಕ್ಕಂಡಮ್ ಆಯ್ಕೆಯಾಗಿದ್ದಾರೆ. ಪಾಲಾ ಪುರಸಭೆಯ 15ನೇ ವಾರ್ಡ್‌ನಿಂದ ಸ್ವತಂತ್ರ ಅಭ್ಯರ್ಥಿಯಾಗಿ ಚುನಾವಣೆಯಲ್ಲಿ ಗೆಲುವು ಸಾಧಿಸಿದ್ದ 21 ವರ್ಷದ ದಿಯಾ
ಬಿನು ಅವರನ್ನು ಕೇರಳದ ಮೊದಲ ಜನರಲ್ ಝಡ್ ಅಧ್ಯಕ್ಷೆಯಾಗಿ ನೇಮಕ ಮಾಡಲಾಗಿದೆ. ಈ ಮೂಲಕ ಅವರು ದೇಶದ ಅತ್ಯಂತ ಕಿರಿಯ ಪುರಸಭೆಯ ಅಧ್ಯಕ್ಷೆಯಾಗಿ ಗುರುತಿಸಲ್ಪಟ್ಟಿದ್ದಾರೆ. ಚುನಾವಣೆಯಲ್ಲಿ ಬಂದ ತೀರ್ಪು ಗೊಂದಲಮಯವಾಗಿದ್ದರಿಂದ ಉಂಟಾದ ರಾಜಕೀಯ ಅನಿಶ್ಚಿತತೆಯ ಬಳಿಕ ಕೊಟ್ಟಾಯಂ ಜಿಲ್ಲೆಯ ಪಾಲಾ ಪುರಸಭೆಯ ಅಧ್ಯಕ್ಷೆಯಾಗಿ ದಿಯಾ ಬಿನು ಪುಲ್ಲಿಕ್ಕಂಡಮ್ ಅವರನ್ನು ನೇಮಕ ಮಾಡಲಾಗಿದೆ. ದಿಯಾ ಅವರು ಪಾಲಾ ಪುರಸಭೆಯ 15 ನೇ ವಾರ್ಡ್‌ನಿಂದ
ಸ್ವತಂತ್ರ ಅಭ್ಯರ್ಥಿಯಾಗಿ 131 ಮತಗಳನ್ನು ಪಡೆದು ಗೆಲುವು ದಾಖಲಿಸಿದ್ದರು. ಅವರ ತಂದೆ ಬಿನು ಪುಲ್ಲಿಕ್ಕಂಡಮ್ ಮತ್ತು ಚಿಕ್ಕಪ್ಪ ಬಿಜು ಪುಲ್ಲಿಕ್ಕಂಡಮ್ ಕೂಡ ಸ್ವತಂತ್ರ ಅಭ್ಯರ್ಥಿಗಳಾಗಿ ಜಯಗಳಿಸಿದರು. ಇದರಿಂದ ಪುಲ್ಲಿಕ್ಕಂಡಮ್ ಕುಟುಂಬಕ್ಕೆ ಆಡಳಿತ ಮಂಡಳಿಯ ರಚನೆಯಲ್ಲಿ ಪ್ರಮುಖ ಸ್ಥಾನ ನೀಡಲಾಯಿತು. ದೇಶದ ಅತ್ಯಂತ ಕಿರಿಯ ಪುರಸಭಾ ಅಧ್ಯಕ್ಷೆಯಾಗಿ ಆಯ್ಕೆಯಾದ ದಿಯಾ ಅವರು ಸುದ್ದಿಗಾರರೊಂದಿಗೆ ಮಾತನಾಡಿ, ಪುರಸಭೆಯ ಮೂಲಭೂತ ಅಭಿವೃದ್ಧಿ ಮತ್ತು ದೀರ್ಘಾವಧಿಯ ಯೋಜನೆ ಕುರಿತು ತಮ್ಮ ಅಭಿಪ್ರಾಯಗಳನ್ನು ಹಂಚಿಕೊಂಡರು.
ಬಾಂಗ್ಲಾದೇಶದಲ್ಲಿ ಕೇಸರಿ ಧ್ವಜ ಹಾರಿಸುವ ಶಪಥ!
ನವದೆಹಲಿ: ಬಾಂಗ್ಲಾದಲ್ಲಿ ಹಿಂದೂಗಳ ಸ್ಥಿತಿ ಚಿಂತಾಜನಕವಾಗಿದೆ. ಇದರ ನಡುವೆ ಇಸ್ಲಾಂ ನೆಲದಲ್ಲಿ ಕೇಸರಿ ಧ್ವಜ ಹಾರಿಸಲು ಹಿಂದೂ ನಾಯಕ ಒಬ್ಬರು ಎದ್ದು ನಿಂತಿದ್ದಾರೆ. ಚುನಾವಣೆಯಲ್ಲಿ ಸ್ಪರ್ಧಿಸುವ ಮೂಲಕ ಅವರು ಜನರ ಧ್ವನಿಯಾಗಲು ನಿರ್ಧರಿಸಿದ್ದಾರೆ. ಆ ಹಿಂದೂ ನಾಯಕರ ಹೆಸರು ಗೋವಿಂದ ಚಂದ್ರ ಪ್ರಾಮಾಣಿಕ್. ಮಾಜಿ ಪ್ರಧಾನಿ ಶೇಖ್ ಹಸೀನಾ ಅವರ ಖಾಲಿ ಸ್ಥಾನವನ್ನು ತಾವು ತುಂಬುವುದಾಗಿ ಸ್ಪಷ್ಟಪಡಿಸಿದ್ದಾರೆ. ಅಂತಹ ಪರಿಸ್ಥಿತಿಯಲ್ಲಿ, ಅವರ ಜೀವಕ್ಕೆ ಎಷ್ಟು ಅಪಾಯವಿರಬಹುದು ಅಂತ ನೀವೇ ಊಹಿಸಿಕೊಳ್ಳಿ. ಬಾಂಗ್ಲಾದೇಶದ ರಾಜಕೀಯವು ಗೊಂದಲಮಯವಾಗಿದೆ. ಚುನಾವಣಾ ದಿನಾಂಕ ಘೋಷಣೆಯಾದಾಗಿನಿಂದ, ಉಗ್ರಗಾಮಿಗಳು ಬೀದಿಗಿಳಿದು, ಹಿಂದೂಗಳನ್ನು ಗುರಿಯಾಗಿಸಿಕೊಂಡು, ಉಸ್ಮಾನ್ ಹಾದಿ ಸೇರಿದಂತೆ ವಿವಿಧ ಪಕ್ಷಗಳ ಅಭ್ಯರ್ಥಿಗಳನ್ನು
ನಿರ್ಧರಿಸಿದ್ದಾರೆ. ಅವರು ಶೇಖ್ ಹಸೀನಾ ಅವರ ಸ್ವಾತಂತ್ರ ಗೋಪಾಲ್ ಗಂಜ್‌ನಿಂದ ಸ್ಪರ್ಧಿಸಲಿದ್ದಾರೆ. ಡಿಸೆಂಬರ್ 28 ರಂದು ತಮ್ಮ ನಾಮಪತ್ರ ಸಲ್ಲಿಸಲಿದ್ದಾರೆ. ಮೂಲ ಭೂತವಾದಿಗಳು ಬಾಂಗ್ಲಾದೇಶದಲ್ಲಿ ಹಿಂದೂಗಳ ಮೇಲೆ ಗುರಿಯಿಟ್ಟು ಹತ್ಯೆಗಳನ್ನು ನಡೆಸುತ್ತಿರುವ ಸಮಯದಲ್ಲಿ ನಿಜವಾಗಿಯೂ ಅವರ ಧೈರ್ಯ ಮೆಚ್ಚುವಂತಹದ್ದು. ಗೋವಿಂದ ಚಂದ್ರ ಪ್ರಾಮಾಣಿಕ್ ಅವರು ಬಾಂಗ್ಲಾದೇಶದಲ್ಲಿ ಹಿಂದೂ ಮಹಾಜೋತ್ ನ ಪ್ರಧಾನ ಕಾರ್ಯದರ್ಶಿಯಾಗಿದ್ದಾರೆ.
ನಿರ್ಧರಿಸಿದ್ದಾರೆ. ಅವರು ಶೇಖ್ ಹಸೀನಾ ಅವರ ಸ್ವಾತಂತ್ರ ಗೋಪಾಲ್ ಗಂಜ್‌ನಿಂದ ಸ್ಪರ್ಧಿಸಲಿದ್ದಾರೆ. ಡಿಸೆಂಬರ್ 28 ರಂದು ತಮ್ಮ ನಾಮಪತ್ರ ಸಲ್ಲಿಸಲಿದ್ದಾರೆ. ಮೂಲ ಭೂತವಾದಿಗಳು ಬಾಂಗ್ಲಾದೇಶದಲ್ಲಿ ಹಿಂದೂಗಳ ಮೇಲೆ ಗುರಿಯಿಟ್ಟು ಹತ್ಯೆಗಳನ್ನು ನಡೆಸುತ್ತಿರುವ ಸಮಯದಲ್ಲಿ ನಿಜವಾಗಿಯೂ ಅವರ ಧೈರ್ಯ ಮೆಚ್ಚುವಂತಹದ್ದು. ಗೋವಿಂದ ಚಂದ್ರ ಪ್ರಾಮಾಣಿಕ್ ಅವರು ಬಾಂಗ್ಲಾದೇಶದಲ್ಲಿ ಹಿಂದೂ ಮಹಾಜೋತ್ ನ ಪ್ರಧಾನ ಕಾರ್ಯದರ್ಶಿಯಾಗಿದ್ದಾರೆ.
ಸೆಂಗಾರ್‌ಗೆ ಜೀವಾವಧಿ ಶಿಕ್ಷೆ ಅಮಾನತು ವಿರೋಧಿಸಿ ಸಂಸತ್ ಭವನ ಮುಂದೆ ಪ್ರತಿಭಟನೆ; ಹಲವರ ಬಂಧನ
ಹೊಸದಿಲ್ಲಿ: ಉನ್ನಾವೊ ಅತ್ಯಾಚಾರ ಪ್ರಕರಣದ ದೋಷಿ ಕುಲದೀಪ್ ಸಿಂಗ್ ಸೆಂಗಾರ್ ನ ಜೀವಾವಧಿ ಶಿಕ್ಷೆಯನ್ನು ಅಮಾನತುಗೊಳಿಸಿದ ದಿಲ್ಲಿ ಹೈಕೋರ್ಟ್ ಆದೇಶವನ್ನು ವಿರೋಧಿಸಿ ಸಂಸತ್‌ಭವನದ ಸಮೀಪ ಶನಿವಾರ ಧರಣಿ ನಡೆಸುತ್ತಿದ್ದ
ಸಾಮಾಜಿಕ ಹೋರಾಟಗಾರ್ತಿ ಯೋಗಿತಾ ಭಯಾನಾ, ಕಾಂಗ್ರೆಸ್ ನಾಯಕಿ ಮುಮ್ತಾಝ್ ಹಾಗೂ ಇತರ ಹಲವು ಪ್ರತಿಭಟನಾಕಾರರನ್ನು ದಿಲ್ಲಿ ಪೊಲೀಸರು ಶನಿವಾರ ವಶಕ್ಕೆ ತೆಗೆದುಕೊಂಡಿದ್ದಾರೆ. ಸಂಜೆ ಸುಮಾರು 4 ಗಂಟೆಯ ವೇಳೆಗೆ ಸಂಸತ್‌ಭವನ ಸಮೀಪದ ರಸ್ತೆಯಲ್ಲಿ ನಿಂತು ಘೋಷಣೆಗಳನ್ನು ಕೂಗಿದ ಪ್ರತಿಭಟನಾಕಾರರು, ಸೆಂಗಾರ್ ನ ಜೈಲು ಶಿಕ್ಷೆ ಅಮಾನತುಗೊಳಿಸಿದ
ದಿಲ್ಲಿ ಹೈಕೋರ್ಟ್‌ನ ಆದೇಶವನ್ನು ರದ್ದುಪಡಿಸಬೇಕೆಂದು ಆಗ್ರಹಿಸಿದರು. ಸಂಸತ್ ಭವನ ಸಮೀಪದ ಪ್ರದೇಶವು ಪ್ರತಿಭಟನೆಗಳನ್ನು ನಡೆಸುವಂತಿಲ್ಲವೆಂದು ಘೋಷಿಸಿದ ಪೊಲೀಸ್ ಸಿಬ್ಬಂದಿ, ಸ್ಥಳದಿಂದ ಚದುರುವಂತೆ ಪ್ರತಿಭಟನಾಕಾರರಿಗೆ ಸೂಚಿಸಿದರು. ಆದರೆ ಸ್ಥಳವನ್ನು ತೆರವುಗೊಳಿಸಲು ಪ್ರತಿಭಟನಾಕಾರರು ನಿರಾಕರಿಸಿದಾಗ ಅವರನ್ನು ವಶಕ್ಕೆ ತೆಗೆದುಕೊಳ್ಳಲಾಯಿತೆಂದು ಉನ್ನತ ಪೊಲೀಸ್ ಅಧಿಕಾರಿಗಳು ತಿಳಿಸಿದ್ದಾರೆ. ಉನ್ನಾವೊ ಅತ್ಯಾಚಾರ ಪ್ರಕರಣದ ಸಂತ್ರಸ್ತೆಯ ತಾಯಿ, ಅಖಿಲ ಭಾರತ ಪ್ರಜಾತಾಂತ್ರಿಕ ಮಹಿಳಾ ಸಂಘದ ಕಾರ್ಯಕರ್ತೆಯರು ಹಾಗೂ ಯೋಗಿ ಭಯಾನಾ ಜೊತೆ ಸೋಮವಾರ ದಿಲ್ಲಿ ಹೈಕೋರ್ಟ್ ಆವರಣದಲ್ಲಿ ಪ್ರತಿಭಟನೆ ನಡೆಸಿದ ಮರುದಿನವೇ ಪೊಲೀಸರು ಈ ಬಂಧನ ಕಾರ್ಯಾಚರಣೆ ನಡೆಸಿದ್ದಾರೆ.
